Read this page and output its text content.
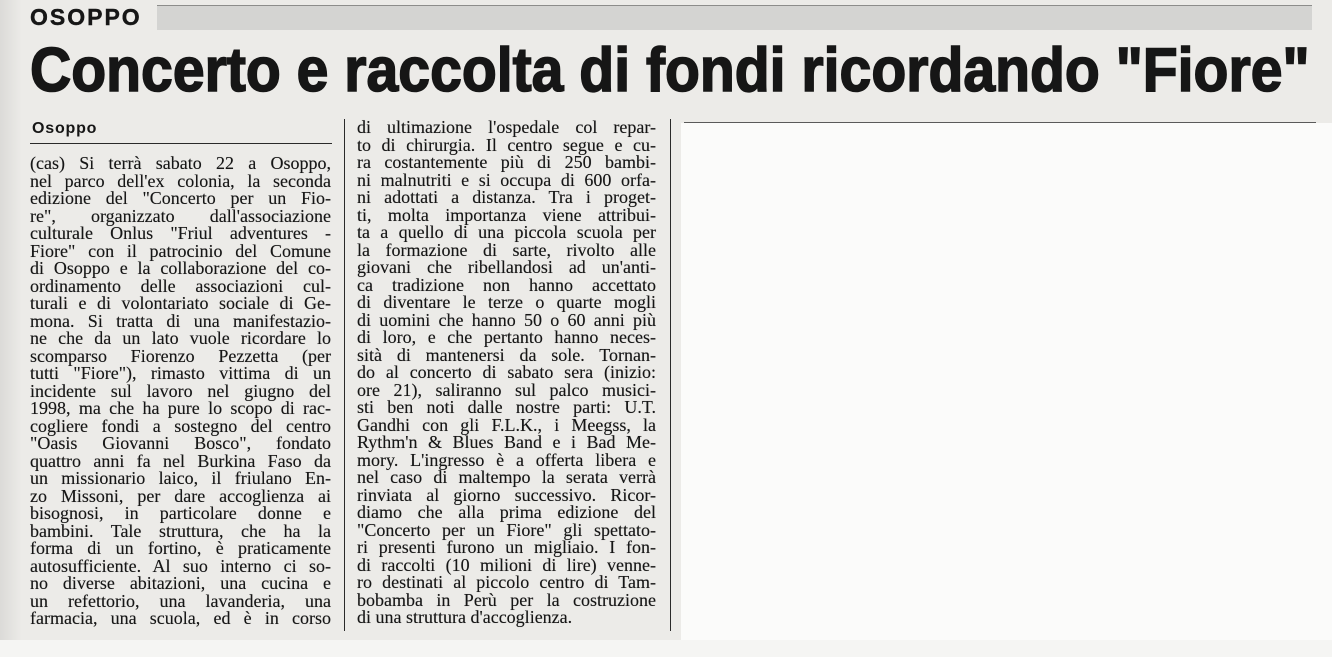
OSOPPO
Concerto e raccolta di fondi ricordando "Fiore"
Osoppo
(cas) Si terrà sabato 22 a Osoppo,
nel parco dell'ex colonia, la seconda
edizione del "Concerto per un Fio-
re", organizzato dall'associazione
culturale Onlus "Friul adventures -
Fiore" con il patrocinio del Comune
di Osoppo e la collaborazione del co-
ordinamento delle associazioni cul-
turali e di volontariato sociale di Ge-
mona. Si tratta di una manifestazio-
ne che da un lato vuole ricordare lo
scomparso Fiorenzo Pezzetta (per
tutti "Fiore"), rimasto vittima di un
incidente sul lavoro nel giugno del
1998, ma che ha pure lo scopo di rac-
cogliere fondi a sostegno del centro
"Oasis Giovanni Bosco", fondato
quattro anni fa nel Burkina Faso da
un missionario laico, il friulano En-
zo Missoni, per dare accoglienza ai
bisognosi, in particolare donne e
bambini. Tale struttura, che ha la
forma di un fortino, è praticamente
autosufficiente. Al suo interno ci so-
no diverse abitazioni, una cucina e
un refettorio, una lavanderia, una
farmacia, una scuola, ed è in corso
di ultimazione l'ospedale col repar-
to di chirurgia. Il centro segue e cu-
ra costantemente più di 250 bambi-
ni malnutriti e si occupa di 600 orfa-
ni adottati a distanza. Tra i proget-
ti, molta importanza viene attribui-
ta a quello di una piccola scuola per
la formazione di sarte, rivolto alle
giovani che ribellandosi ad un'anti-
ca tradizione non hanno accettato
di diventare le terze o quarte mogli
di uomini che hanno 50 o 60 anni più
di loro, e che pertanto hanno neces-
sità di mantenersi da sole. Tornan-
do al concerto di sabato sera (inizio:
ore 21), saliranno sul palco musici-
sti ben noti dalle nostre parti: U.T.
Gandhi con gli F.L.K., i Meegss, la
Rythm'n & Blues Band e i Bad Me-
mory. L'ingresso è a offerta libera e
nel caso di maltempo la serata verrà
rinviata al giorno successivo. Ricor-
diamo che alla prima edizione del
"Concerto per un Fiore" gli spettato-
ri presenti furono un migliaio. I fon-
di raccolti (10 milioni di lire) venne-
ro destinati al piccolo centro di Tam-
bobamba in Perù per la costruzione
di una struttura d'accoglienza.
